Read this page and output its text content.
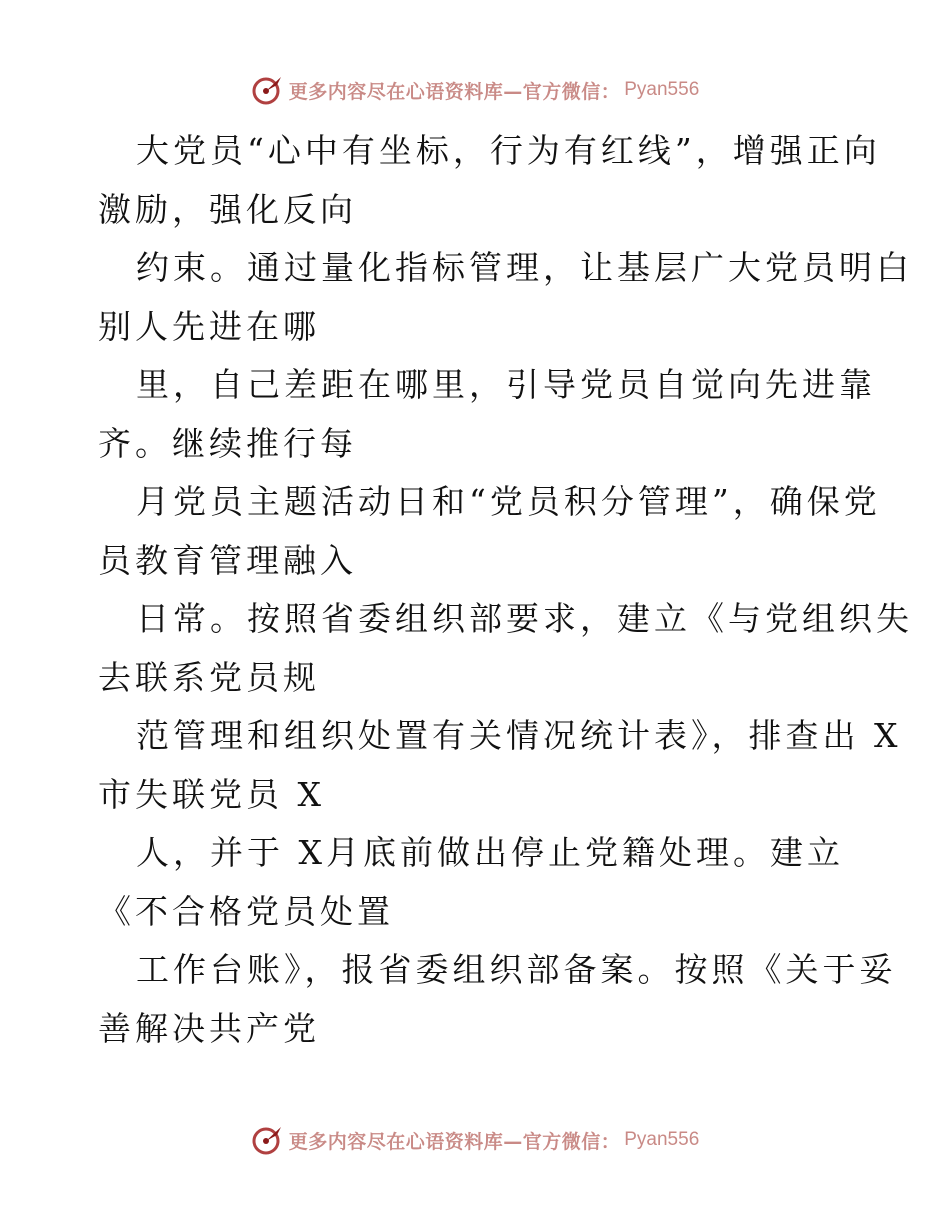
更多内容尽在心语资料库—官方微信： Pyan556
大党员“心中有坐标，行为有红线”，增强正向
激励，强化反向
约束。通过量化指标管理，让基层广大党员明白
别人先进在哪
里，自己差距在哪里，引导党员自觉向先进靠
齐。继续推行每
月党员主题活动日和“党员积分管理”，确保党
员教育管理融入
日常。按照省委组织部要求，建立《与党组织失
去联系党员规
范管理和组织处置有关情况统计表》，排查出 X
市失联党员 X
人，并于 X月底前做出停止党籍处理。建立
《不合格党员处置
工作台账》，报省委组织部备案。按照《关于妥
善解决共产党
更多内容尽在心语资料库—官方微信： Pyan556
